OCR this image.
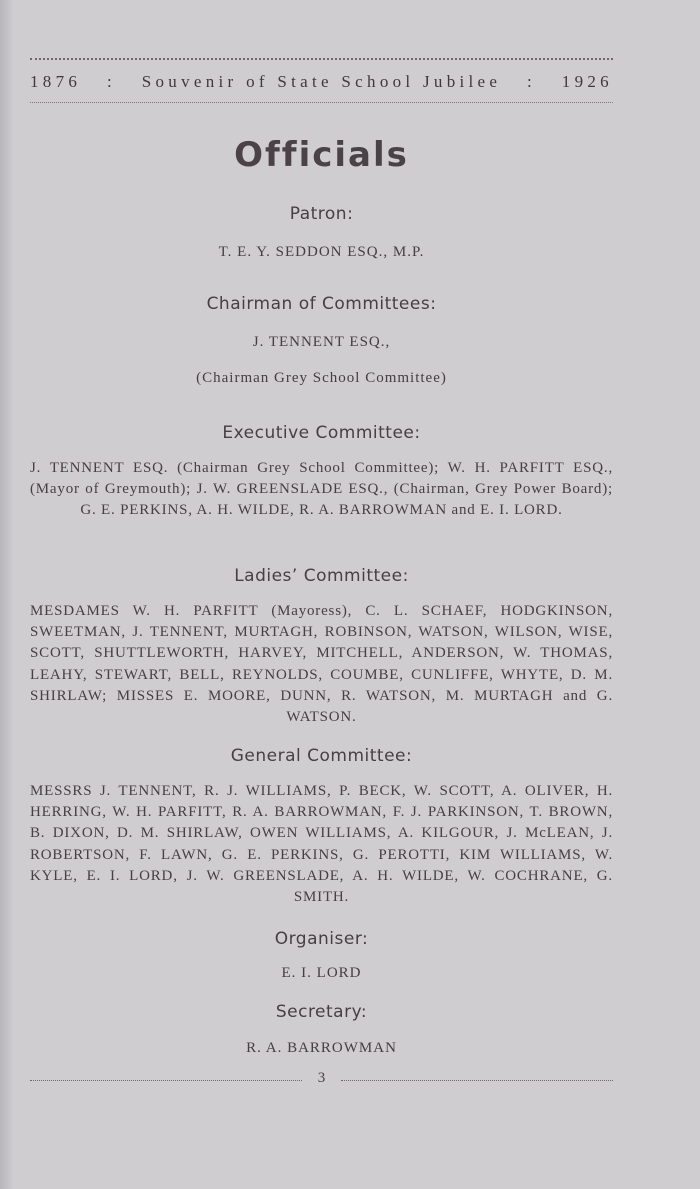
1876 : Souvenir of State School Jubilee : 1926
Officials
Patron:
T. E. Y. SEDDON ESQ., M.P.
Chairman of Committees:
J. TENNENT ESQ.,
(Chairman Grey School Committee)
Executive Committee:
J. TENNENT ESQ. (Chairman Grey School Committee); W. H. PARFITT ESQ., (Mayor of Greymouth); J. W. GREENSLADE ESQ., (Chairman, Grey Power Board); G. E. PERKINS, A. H. WILDE, R. A. BARROWMAN and E. I. LORD.
Ladies’ Committee:
MESDAMES W. H. PARFITT (Mayoress), C. L. SCHAEF, HODGKINSON, SWEETMAN, J. TENNENT, MURTAGH, ROBINSON, WATSON, WILSON, WISE, SCOTT, SHUTTLEWORTH, HARVEY, MITCHELL, ANDERSON, W. THOMAS, LEAHY, STEWART, BELL, REYNOLDS, COUMBE, CUNLIFFE, WHYTE, D. M. SHIRLAW; MISSES E. MOORE, DUNN, R. WATSON, M. MURTAGH and G. WATSON.
General Committee:
MESSRS J. TENNENT, R. J. WILLIAMS, P. BECK, W. SCOTT, A. OLIVER, H. HERRING, W. H. PARFITT, R. A. BARROWMAN, F. J. PARKINSON, T. BROWN, B. DIXON, D. M. SHIRLAW, OWEN WILLIAMS, A. KILGOUR, J. McLEAN, J. ROBERTSON, F. LAWN, G. E. PERKINS, G. PEROTTI, KIM WILLIAMS, W. KYLE, E. I. LORD, J. W. GREENSLADE, A. H. WILDE, W. COCHRANE, G. SMITH.
Organiser:
E. I. LORD
Secretary:
R. A. BARROWMAN
3
